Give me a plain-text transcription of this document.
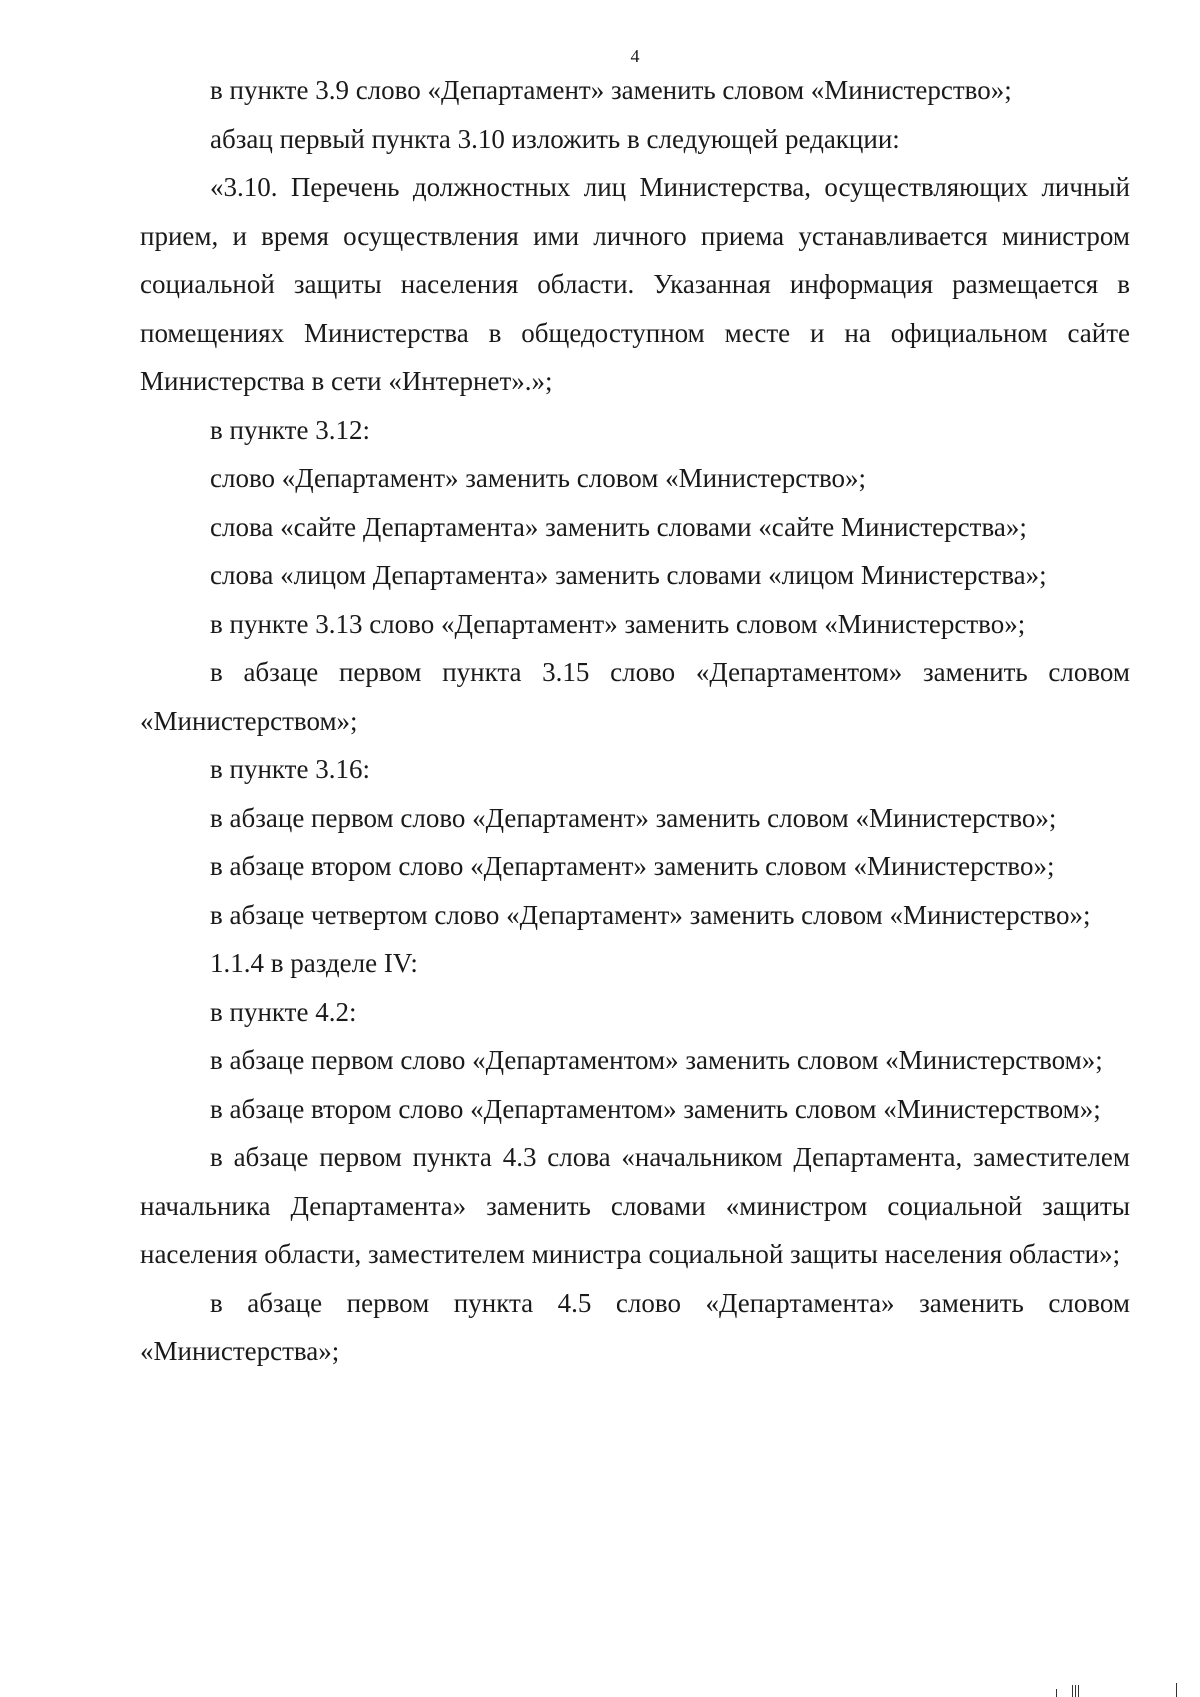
4

в пункте 3.9 слово «Департамент» заменить словом «Министерство»;

абзац первый пункта 3.10 изложить в следующей редакции:

«3.10. Перечень должностных лиц Министерства, осуществляющих личный прием, и время осуществления ими личного приема устанавливается министром социальной защиты населения области. Указанная информация размещается в помещениях Министерства в общедоступном месте и на официальном сайте Министерства в сети «Интернет».»;

в пункте 3.12:

слово «Департамент» заменить словом «Министерство»;

слова «сайте Департамента» заменить словами «сайте Министерства»;

слова «лицом Департамента» заменить словами «лицом Министерства»;

в пункте 3.13 слово «Департамент» заменить словом «Министерство»;

в абзаце первом пункта 3.15 слово «Департаментом» заменить словом «Министерством»;

в пункте 3.16:

в абзаце первом слово «Департамент» заменить словом «Министерство»;

в абзаце втором слово «Департамент» заменить словом «Министерство»;

в абзаце четвертом слово «Департамент» заменить словом «Министерство»;

1.1.4 в разделе IV:

в пункте 4.2:

в абзаце первом слово «Департаментом» заменить словом «Министерством»;

в абзаце втором слово «Департаментом» заменить словом «Министерством»;

в абзаце первом пункта 4.3 слова «начальником Департамента, заместителем начальника Департамента» заменить словами «министром социальной защиты населения области, заместителем министра социальной защиты населения области»;

в абзаце первом пункта 4.5 слово «Департамента» заменить словом «Министерства»;
